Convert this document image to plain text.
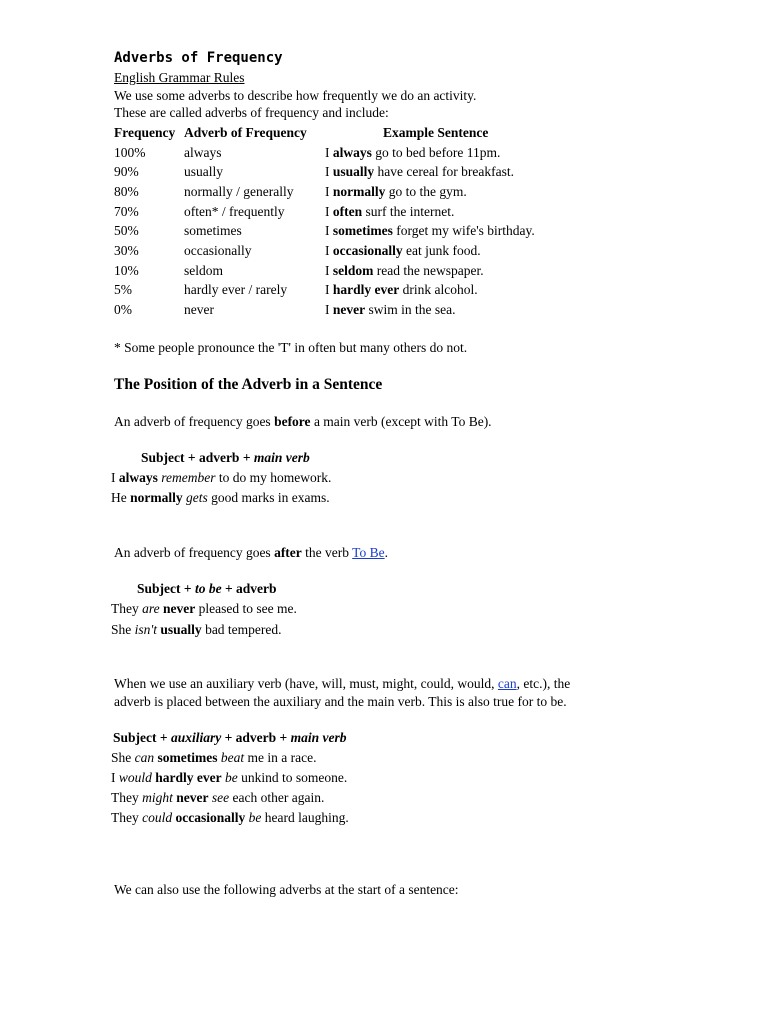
Adverbs of Frequency
English Grammar Rules
We use some adverbs to describe how frequently we do an activity.
These are called adverbs of frequency and include:
Frequency	Adverb of Frequency	Example Sentence
100%	always	I always go to bed before 11pm.
90%	usually	I usually have cereal for breakfast.
80%	normally / generally	I normally go to the gym.
70%	often* / frequently	I often surf the internet.
50%	sometimes	I sometimes forget my wife's birthday.
30%	occasionally	I occasionally eat junk food.
10%	seldom	I seldom read the newspaper.
5%	hardly ever / rarely	I hardly ever drink alcohol.
0%	never	I never swim in the sea.
* Some people pronounce the 'T' in often but many others do not.
The Position of the Adverb in a Sentence
An adverb of frequency goes before a main verb (except with To Be).
Subject + adverb + main verb
I always remember to do my homework.
He normally gets good marks in exams.
An adverb of frequency goes after the verb To Be.
Subject + to be + adverb
They are never pleased to see me.
She isn't usually bad tempered.
When we use an auxiliary verb (have, will, must, might, could, would, can, etc.), the
adverb is placed between the auxiliary and the main verb. This is also true for to be.
Subject + auxiliary + adverb + main verb
She can sometimes beat me in a race.
I would hardly ever be unkind to someone.
They might never see each other again.
They could occasionally be heard laughing.
We can also use the following adverbs at the start of a sentence:
